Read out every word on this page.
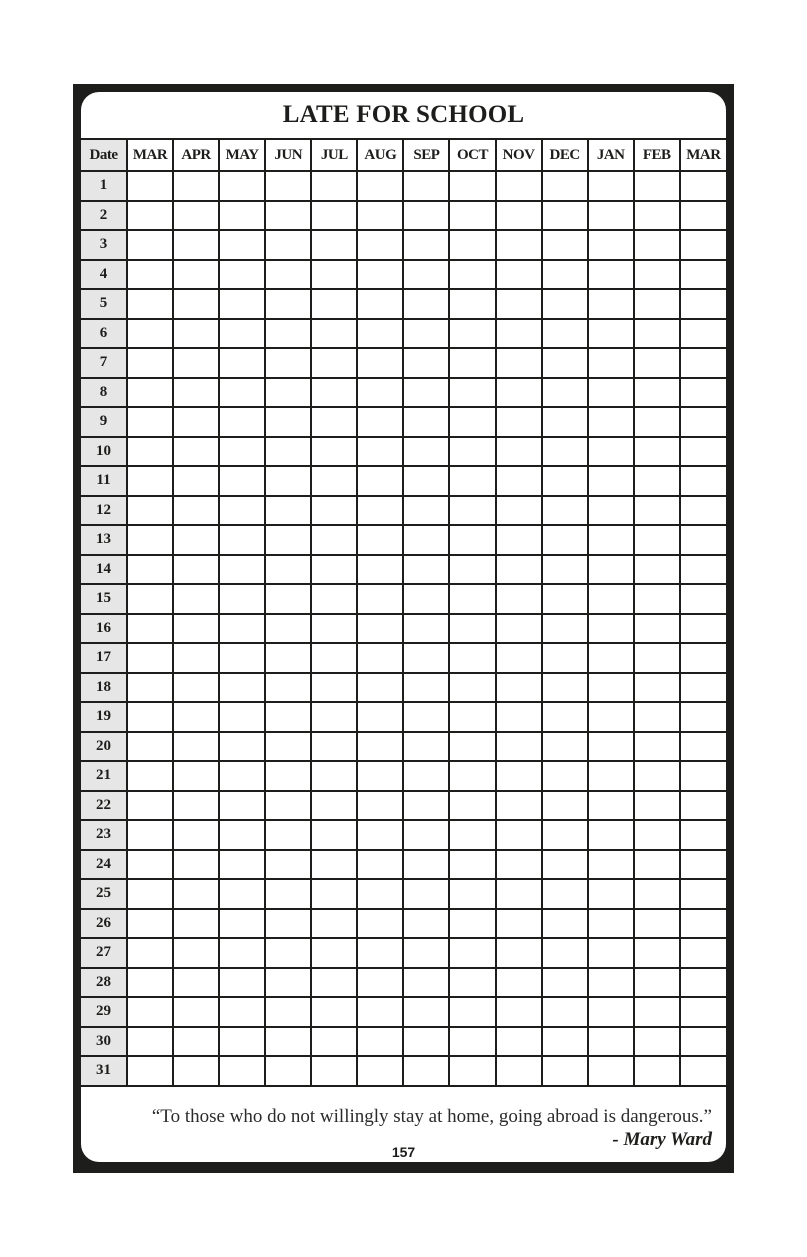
LATE FOR SCHOOL
Date	MAR	APR	MAY	JUN	JUL	AUG	SEP	OCT	NOV	DEC	JAN	FEB	MAR
1													
2													
3													
4													
5													
6													
7													
8													
9													
10													
11													
12													
13													
14													
15													
16													
17													
18													
19													
20													
21													
22													
23													
24													
25													
26													
27													
28													
29													
30													
31													
“To those who do not willingly stay at home, going abroad is dangerous.”
- Mary Ward
157
